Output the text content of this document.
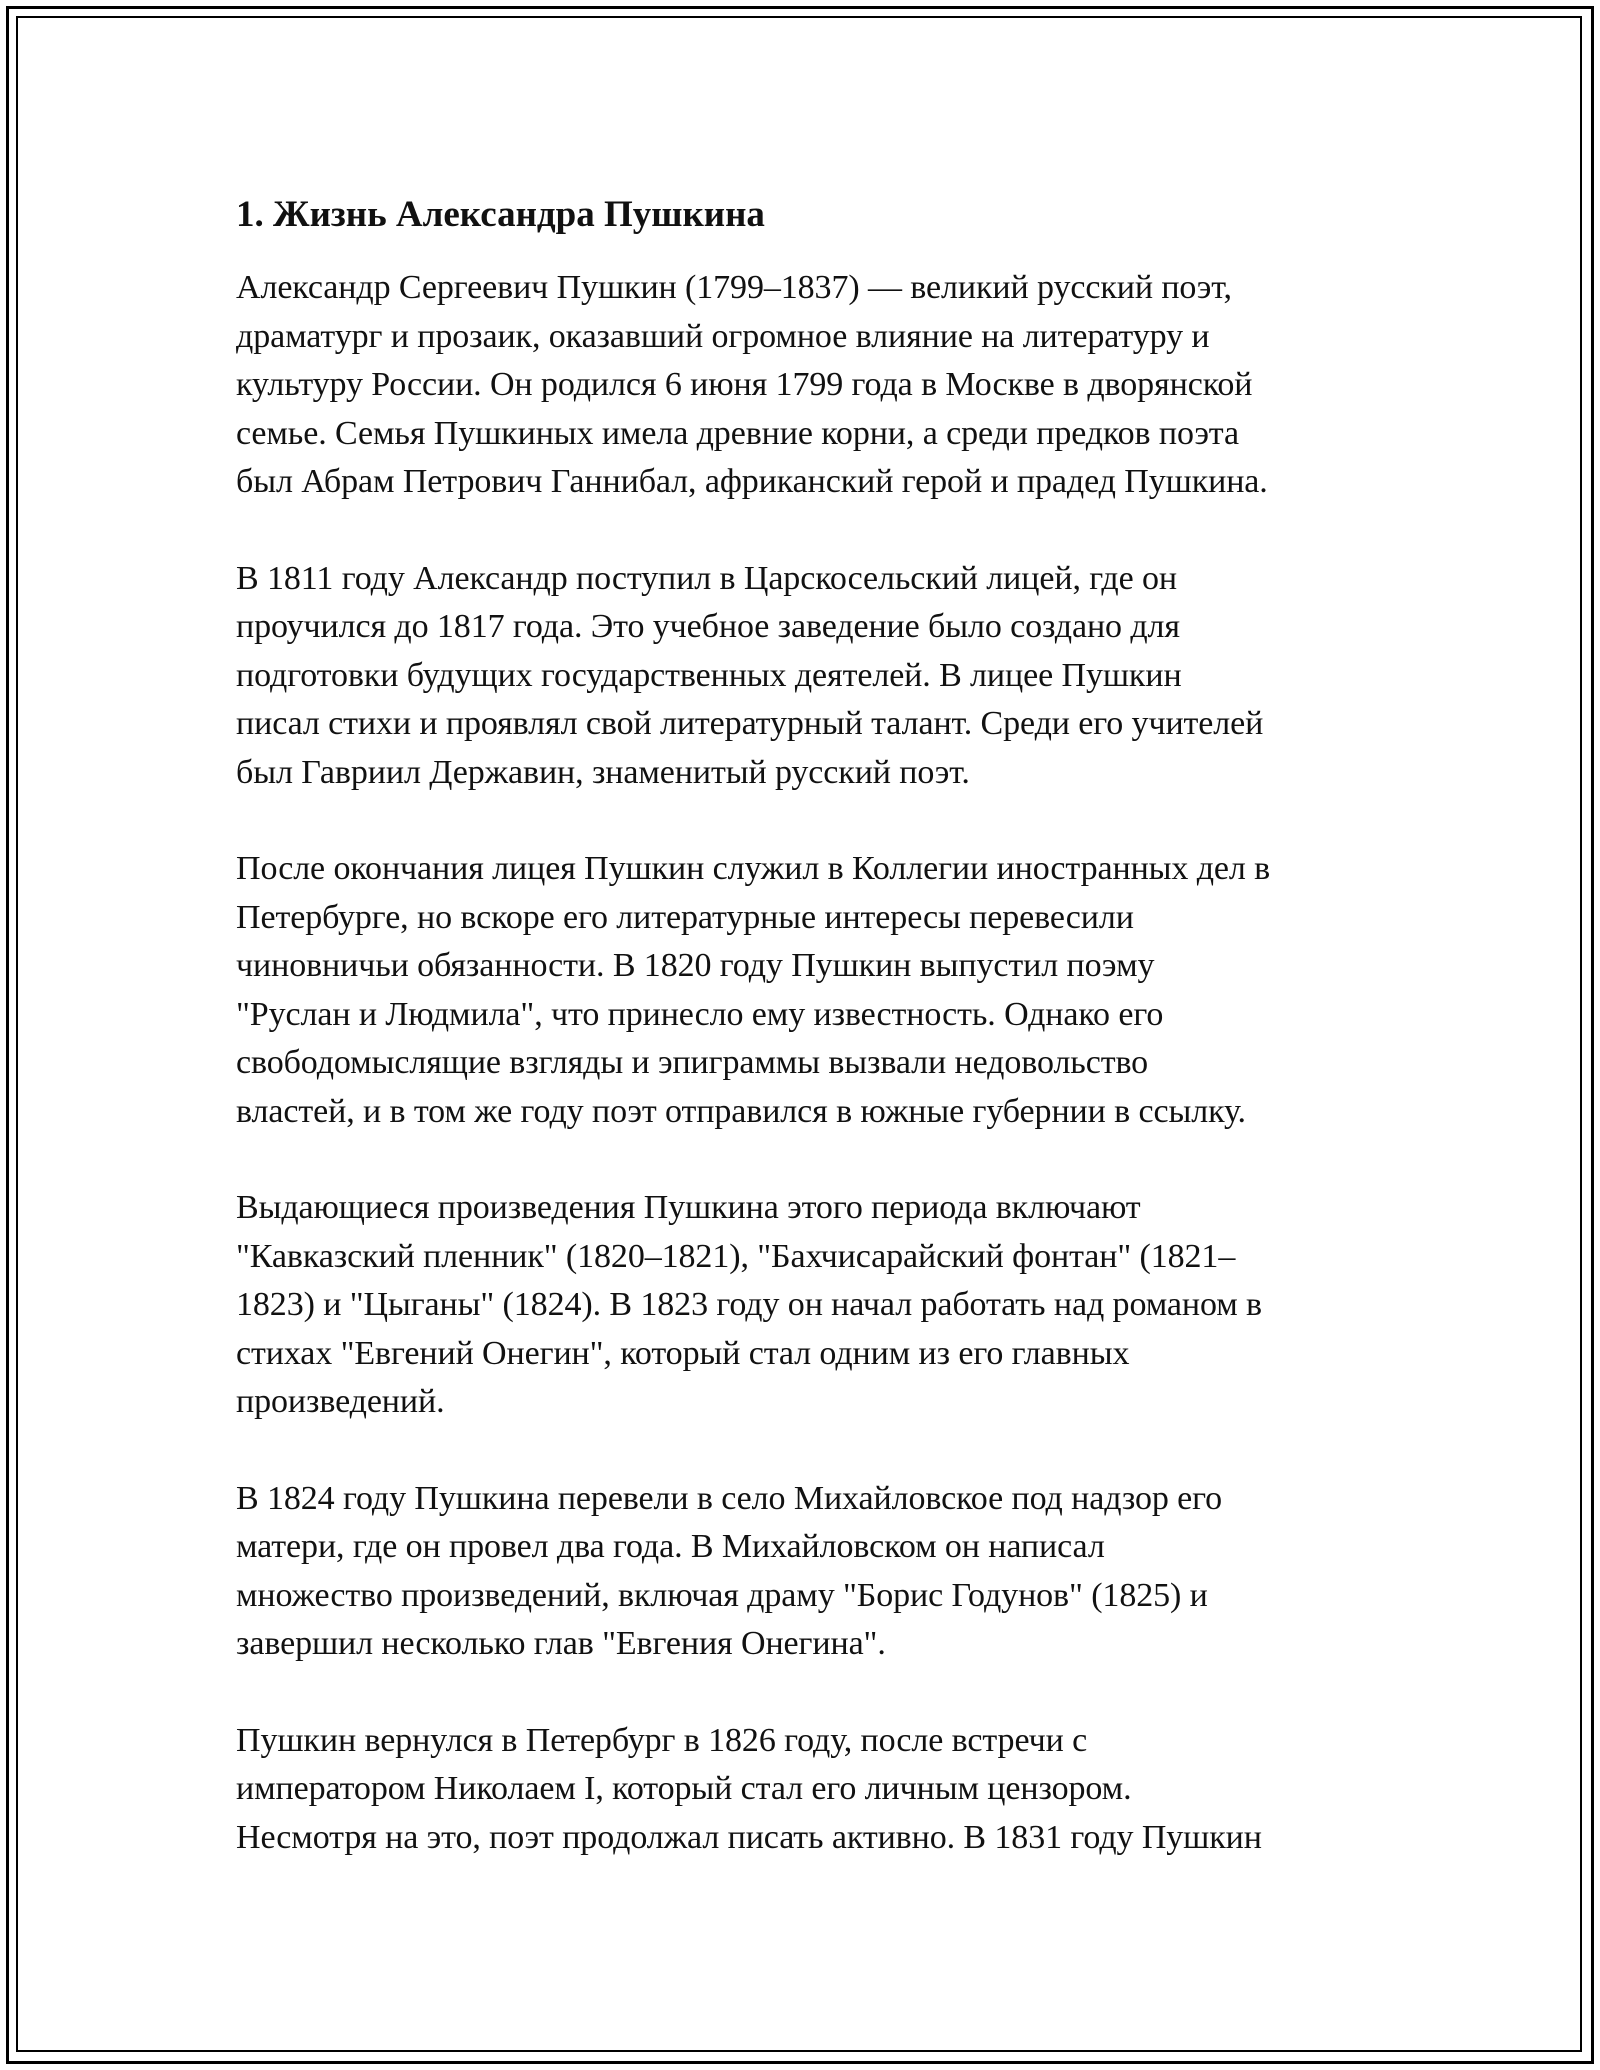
1. Жизнь Александра Пушкина

Александр Сергеевич Пушкин (1799–1837) — великий русский поэт,
драматург и прозаик, оказавший огромное влияние на литературу и
культуру России. Он родился 6 июня 1799 года в Москве в дворянской
семье. Семья Пушкиных имела древние корни, а среди предков поэта
был Абрам Петрович Ганнибал, африканский герой и прадед Пушкина.

В 1811 году Александр поступил в Царскосельский лицей, где он
проучился до 1817 года. Это учебное заведение было создано для
подготовки будущих государственных деятелей. В лицее Пушкин
писал стихи и проявлял свой литературный талант. Среди его учителей
был Гавриил Державин, знаменитый русский поэт.

После окончания лицея Пушкин служил в Коллегии иностранных дел в
Петербурге, но вскоре его литературные интересы перевесили
чиновничьи обязанности. В 1820 году Пушкин выпустил поэму
"Руслан и Людмила", что принесло ему известность. Однако его
свободомыслящие взгляды и эпиграммы вызвали недовольство
властей, и в том же году поэт отправился в южные губернии в ссылку.

Выдающиеся произведения Пушкина этого периода включают
"Кавказский пленник" (1820–1821), "Бахчисарайский фонтан" (1821–
1823) и "Цыганы" (1824). В 1823 году он начал работать над романом в
стихах "Евгений Онегин", который стал одним из его главных
произведений.

В 1824 году Пушкина перевели в село Михайловское под надзор его
матери, где он провел два года. В Михайловском он написал
множество произведений, включая драму "Борис Годунов" (1825) и
завершил несколько глав "Евгения Онегина".

Пушкин вернулся в Петербург в 1826 году, после встречи с
императором Николаем I, который стал его личным цензором.
Несмотря на это, поэт продолжал писать активно. В 1831 году Пушкин
